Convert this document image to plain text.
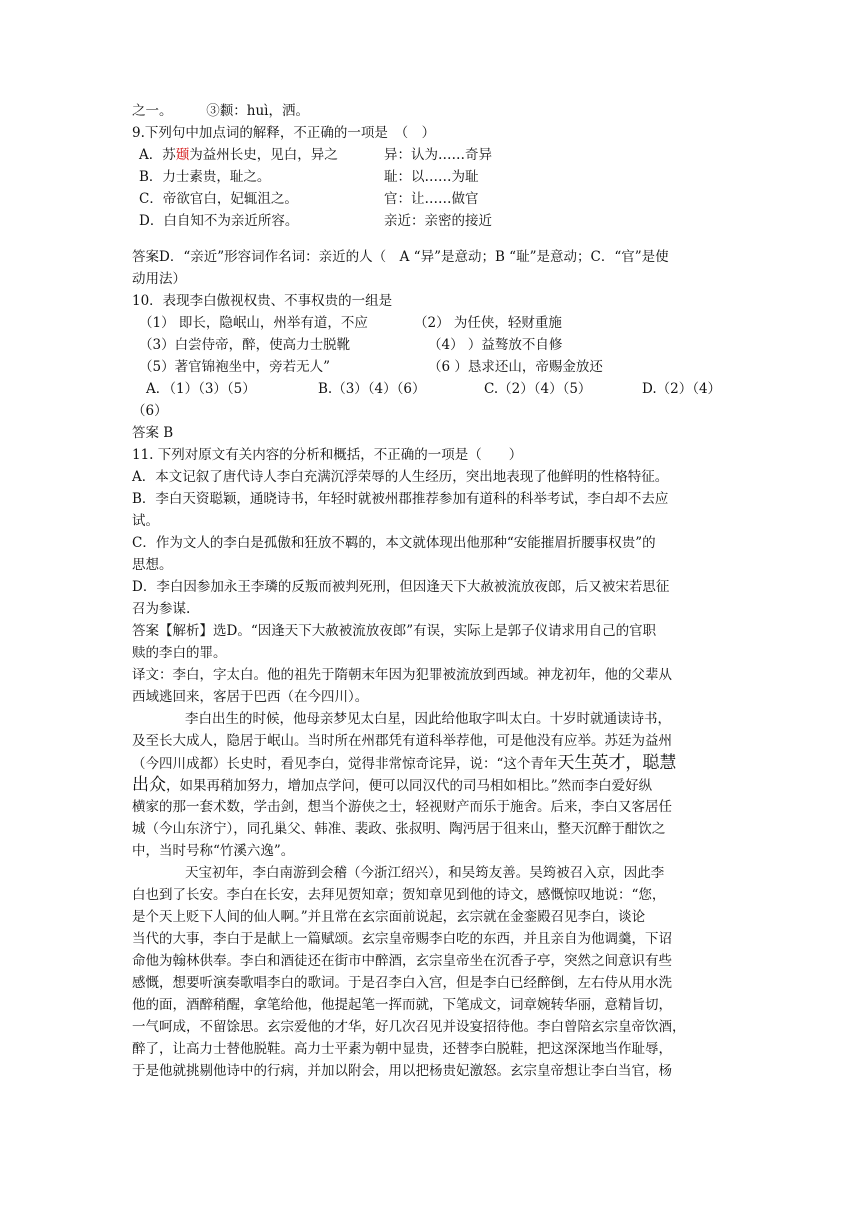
之一。　　　③颣：huì，洒。
9.下列句中加点词的解释，不正确的一项是　（　）
A．苏颋为益州长史，见白，异之	异：认为……奇异
B．力士素贵，耻之。	耻：以……为耻
C．帝欲官白，妃辄沮之。	官：让……做官
D．白自知不为亲近所容。	亲近：亲密的接近
答案D．“亲近”形容词作名词：亲近的人（　A “异”是意动；B “耻”是意动；C．“官”是使
动用法）
10．表现李白傲视权贵、不事权贵的一组是
（1） 即长，隐岷山，州举有道，不应	（2） 为任侠，轻财重施
（3）白尝侍帝，醉，使高力士脱靴	（4） ）益骜放不自修
（5）著官锦袍坐中，旁若无人”	（6 ）恳求还山，帝赐金放还
A．（1）（3）（5）	B.（3）（4）（6）	C.（2）（4）（5）	D.（2）（4）
（6）
答案 B
11. 下列对原文有关内容的分析和概括，不正确的一项是（　　）
A．本文记叙了唐代诗人李白充满沉浮荣辱的人生经历，突出地表现了他鲜明的性格特征。
B．李白天资聪颖，通晓诗书，年轻时就被州郡推荐参加有道科的科举考试，李白却不去应
试。
C．作为文人的李白是孤傲和狂放不羁的，本文就体现出他那种“安能摧眉折腰事权贵”的
思想。
D．李白因参加永王李璘的反叛而被判死刑，但因逢天下大赦被流放夜郎，后又被宋若思征
召为参谋.
答案【解析】选D。“因逢天下大赦被流放夜郎”有误，实际上是郭子仪请求用自己的官职
赎的李白的罪。
译文：李白，字太白。他的祖先于隋朝末年因为犯罪被流放到西域。神龙初年，他的父辈从
西域逃回来，客居于巴西（在今四川）。
李白出生的时候，他母亲梦见太白星，因此给他取字叫太白。十岁时就通读诗书，
及至长大成人，隐居于岷山。当时所在州郡凭有道科举荐他，可是他没有应举。苏廷为益州
（今四川成都）长史时，看见李白，觉得非常惊奇诧异，说：“这个青年天生英才，聪慧
出众，如果再稍加努力，增加点学问，便可以同汉代的司马相如相比。”然而李白爱好纵
横家的那一套术数，学击剑，想当个游侠之士，轻视财产而乐于施舍。后来，李白又客居任
城（今山东济宁），同孔巢父、韩准、裴政、张叔明、陶沔居于徂来山，整天沉醉于酣饮之
中，当时号称“竹溪六逸”。
天宝初年，李白南游到会稽（今浙江绍兴），和吴筠友善。吴筠被召入京，因此李
白也到了长安。李白在长安，去拜见贺知章；贺知章见到他的诗文，感慨惊叹地说：“您，
是个天上贬下人间的仙人啊。”并且常在玄宗面前说起，玄宗就在金銮殿召见李白，谈论
当代的大事，李白于是献上一篇赋颂。玄宗皇帝赐李白吃的东西，并且亲自为他调羹，下诏
命他为翰林供奉。李白和酒徒还在街市中醉酒，玄宗皇帝坐在沉香子亭，突然之间意识有些
感慨，想要听演奏歌唱李白的歌词。于是召李白入宫，但是李白已经醉倒，左右侍从用水洗
他的面，酒醉稍醒，拿笔给他，他提起笔一挥而就，下笔成文，词章婉转华丽，意精旨切，
一气呵成，不留馀思。玄宗爱他的才华，好几次召见并设宴招待他。李白曾陪玄宗皇帝饮酒，
醉了，让高力士替他脱鞋。高力士平素为朝中显贵，还替李白脱鞋，把这深深地当作耻辱，
于是他就挑剔他诗中的行病，并加以附会，用以把杨贵妃激怒。玄宗皇帝想让李白当官，杨
